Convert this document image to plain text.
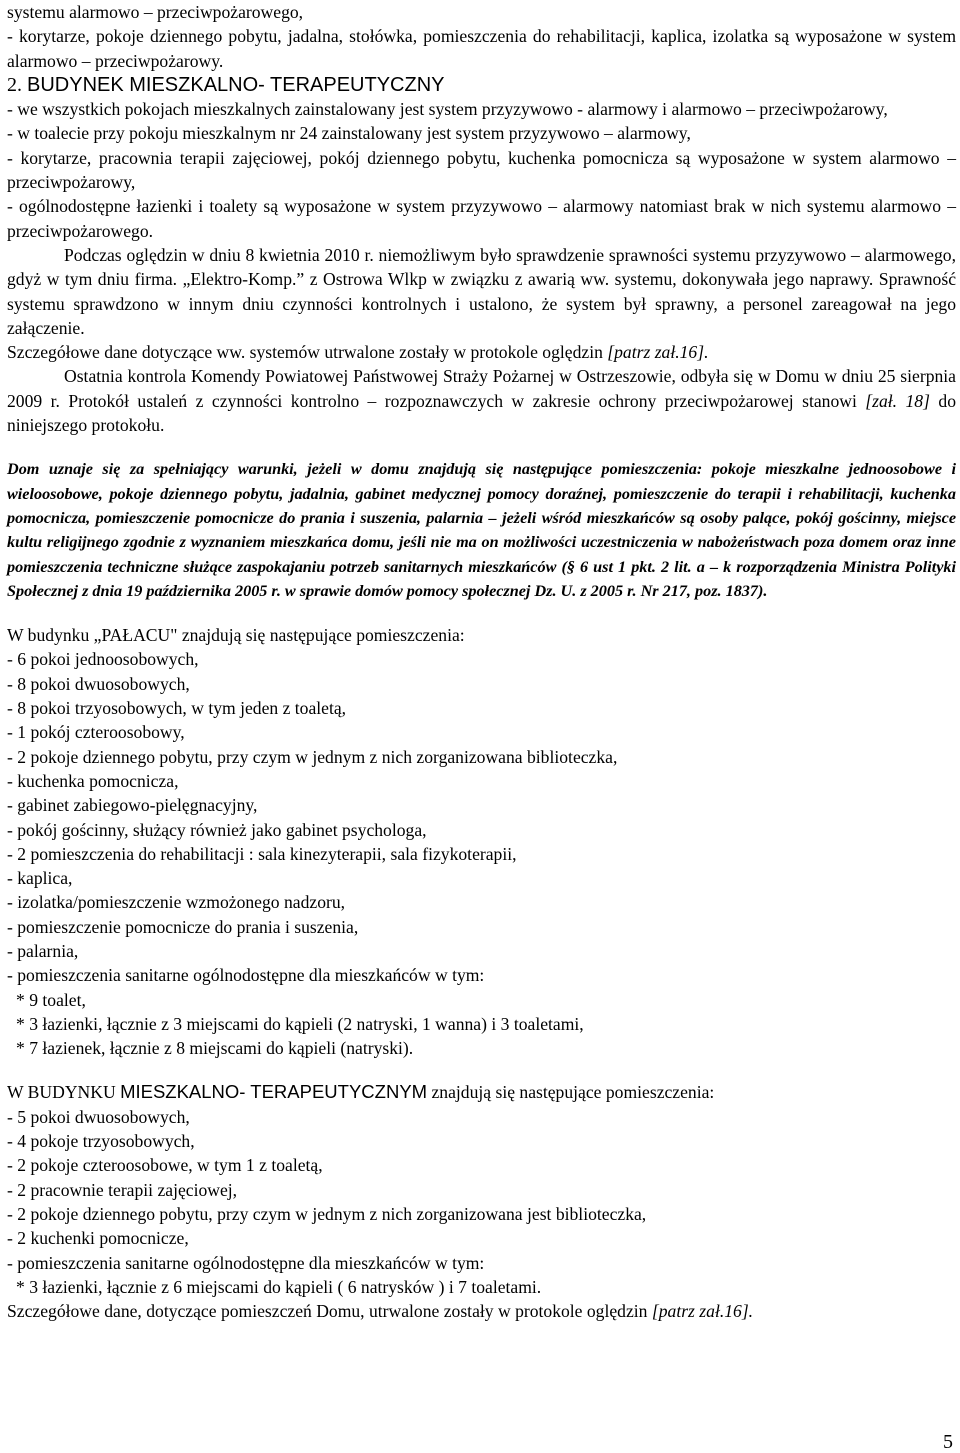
systemu alarmowo – przeciwpożarowego,

- korytarze, pokoje dziennego pobytu, jadalna, stołówka, pomieszczenia do rehabilitacji, kaplica, izolatka są wyposażone w system alarmowo – przeciwpożarowy.

2. BUDYNEK MIESZKALNO- TERAPEUTYCZNY

- we wszystkich pokojach mieszkalnych zainstalowany jest system przyzywowo - alarmowy i alarmowo – przeciwpożarowy,

- w toalecie przy pokoju mieszkalnym nr 24 zainstalowany jest system przyzywowo – alarmowy,

- korytarze, pracownia terapii zajęciowej, pokój dziennego pobytu, kuchenka pomocnicza są wyposażone w system alarmowo – przeciwpożarowy,

- ogólnodostępne łazienki i toalety są wyposażone w system przyzywowo – alarmowy natomiast brak w nich systemu alarmowo – przeciwpożarowego.

Podczas oględzin w dniu 8 kwietnia 2010 r. niemożliwym było sprawdzenie sprawności systemu przyzywowo – alarmowego, gdyż w tym dniu firma. „Elektro-Komp.” z Ostrowa Wlkp w związku z awarią ww. systemu, dokonywała jego naprawy. Sprawność systemu sprawdzono w innym dniu czynności kontrolnych i ustalono, że system był sprawny, a personel zareagował na jego załączenie.

Szczegółowe dane dotyczące ww. systemów utrwalone zostały w protokole oględzin [patrz zał.16].

Ostatnia kontrola Komendy Powiatowej Państwowej Straży Pożarnej w Ostrzeszowie, odbyła się w Domu w dniu 25 sierpnia 2009 r. Protokół ustaleń z czynności kontrolno – rozpoznawczych w zakresie ochrony przeciwpożarowej stanowi [zał. 18] do niniejszego protokołu.

Dom uznaje się za spełniający warunki, jeżeli w domu znajdują się następujące pomieszczenia: pokoje mieszkalne jednoosobowe i wieloosobowe, pokoje dziennego pobytu, jadalnia, gabinet medycznej pomocy doraźnej, pomieszczenie do terapii i rehabilitacji, kuchenka pomocnicza, pomieszczenie pomocnicze do prania i suszenia, palarnia – jeżeli wśród mieszkańców są osoby palące, pokój gościnny, miejsce kultu religijnego zgodnie z wyznaniem mieszkańca domu, jeśli nie ma on możliwości uczestniczenia w nabożeństwach poza domem oraz inne pomieszczenia techniczne służące zaspokajaniu potrzeb sanitarnych mieszkańców (§ 6 ust 1 pkt. 2 lit. a – k rozporządzenia Ministra Polityki Społecznej z dnia 19 października 2005 r. w sprawie domów pomocy społecznej Dz. U. z 2005 r. Nr 217, poz. 1837).

W budynku „PAŁACU" znajdują się następujące pomieszczenia:

- 6 pokoi jednoosobowych,

- 8 pokoi dwuosobowych,

- 8 pokoi trzyosobowych, w tym jeden z toaletą,

- 1 pokój czteroosobowy,

- 2 pokoje dziennego pobytu, przy czym w jednym z nich zorganizowana biblioteczka,

- kuchenka pomocnicza,

- gabinet zabiegowo-pielęgnacyjny,

- pokój gościnny, służący również jako gabinet psychologa,

- 2 pomieszczenia do rehabilitacji : sala kinezyterapii, sala fizykoterapii,

- kaplica,

- izolatka/pomieszczenie wzmożonego nadzoru,

- pomieszczenie pomocnicze do prania i suszenia,

- palarnia,

- pomieszczenia sanitarne ogólnodostępne dla mieszkańców w tym:

* 9 toalet,

* 3 łazienki, łącznie z 3 miejscami do kąpieli (2 natryski, 1 wanna) i 3 toaletami,

* 7 łazienek, łącznie z 8 miejscami do kąpieli (natryski).

W BUDYNKU MIESZKALNO- TERAPEUTYCZNYM znajdują się następujące pomieszczenia:

- 5 pokoi dwuosobowych,

- 4 pokoje trzyosobowych,

- 2 pokoje czteroosobowe, w tym 1 z toaletą,

- 2 pracownie terapii zajęciowej,

- 2 pokoje dziennego pobytu, przy czym w jednym z nich zorganizowana jest biblioteczka,

- 2 kuchenki pomocnicze,

- pomieszczenia sanitarne ogólnodostępne dla mieszkańców w tym:

* 3 łazienki, łącznie z 6 miejscami do kąpieli ( 6 natrysków ) i 7 toaletami.

Szczegółowe dane, dotyczące pomieszczeń Domu, utrwalone zostały w protokole oględzin [patrz zał.16].

5
